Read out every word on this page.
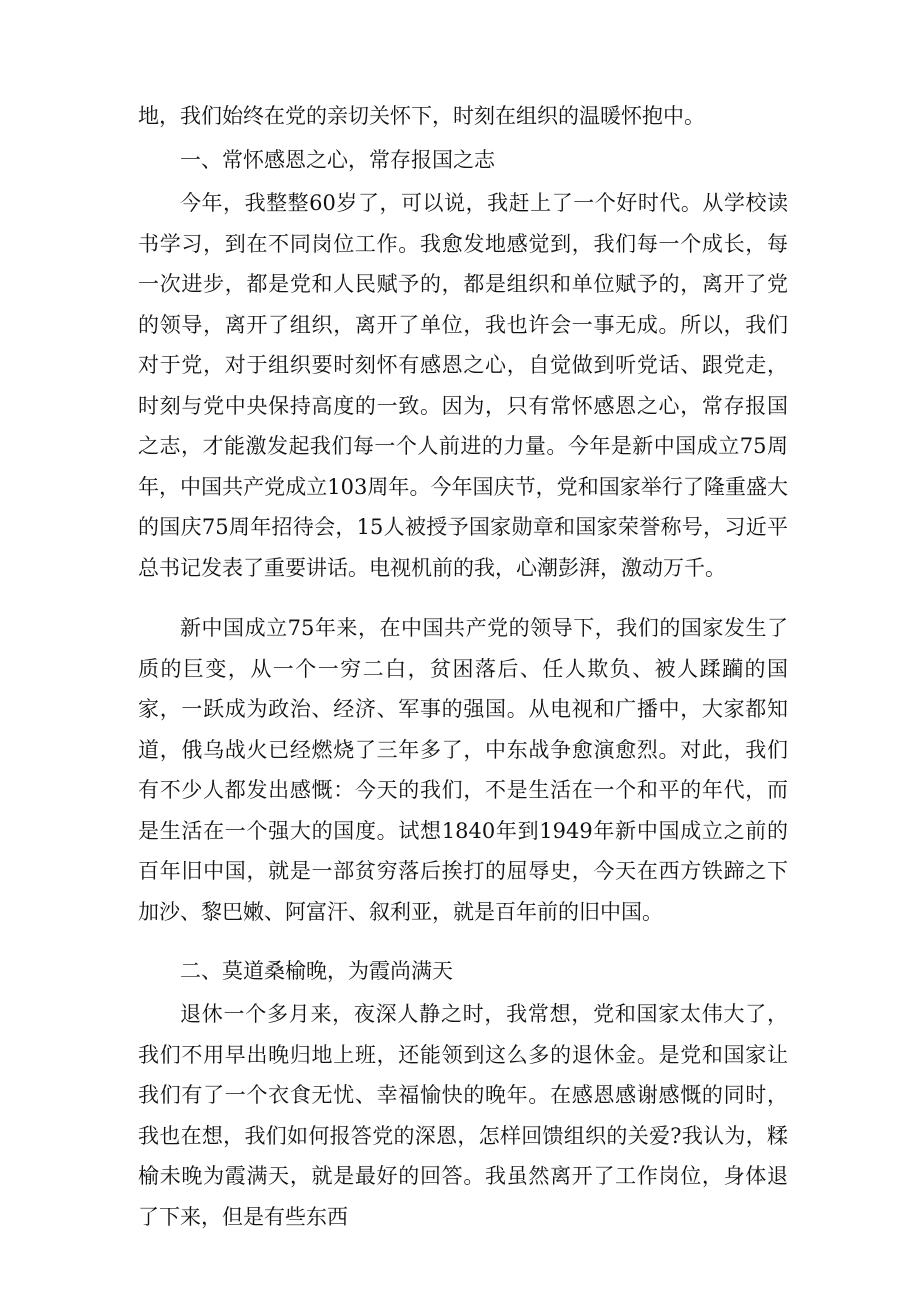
地，我们始终在党的亲切关怀下，时刻在组织的温暖怀抱中。

一、常怀感恩之心，常存报国之志

今年，我整整60岁了，可以说，我赶上了一个好时代。从学校读书学习，到在不同岗位工作。我愈发地感觉到，我们每一个成长，每一次进步，都是党和人民赋予的，都是组织和单位赋予的，离开了党的领导，离开了组织，离开了单位，我也许会一事无成。所以，我们对于党，对于组织要时刻怀有感恩之心，自觉做到听党话、跟党走，时刻与党中央保持高度的一致。因为，只有常怀感恩之心，常存报国之志，才能激发起我们每一个人前进的力量。今年是新中国成立75周年，中国共产党成立103周年。今年国庆节，党和国家举行了隆重盛大的国庆75周年招待会，15人被授予国家勋章和国家荣誉称号，习近平总书记发表了重要讲话。电视机前的我，心潮彭湃，激动万千。

新中国成立75年来，在中国共产党的领导下，我们的国家发生了质的巨变，从一个一穷二白，贫困落后、任人欺负、被人蹂躏的国家，一跃成为政治、经济、军事的强国。从电视和广播中，大家都知道，俄乌战火已经燃烧了三年多了，中东战争愈演愈烈。对此，我们有不少人都发出感慨：今天的我们，不是生活在一个和平的年代，而是生活在一个强大的国度。试想1840年到1949年新中国成立之前的百年旧中国，就是一部贫穷落后挨打的屈辱史，今天在西方铁蹄之下加沙、黎巴嫩、阿富汗、叙利亚，就是百年前的旧中国。

二、莫道桑榆晚，为霞尚满天

退休一个多月来，夜深人静之时，我常想，党和国家太伟大了，我们不用早出晚归地上班，还能领到这么多的退休金。是党和国家让我们有了一个衣食无忧、幸福愉快的晚年。在感恩感谢感慨的同时，我也在想，我们如何报答党的深恩，怎样回馈组织的关爱?我认为，糅榆未晚为霞满天，就是最好的回答。我虽然离开了工作岗位，身体退了下来，但是有些东西
